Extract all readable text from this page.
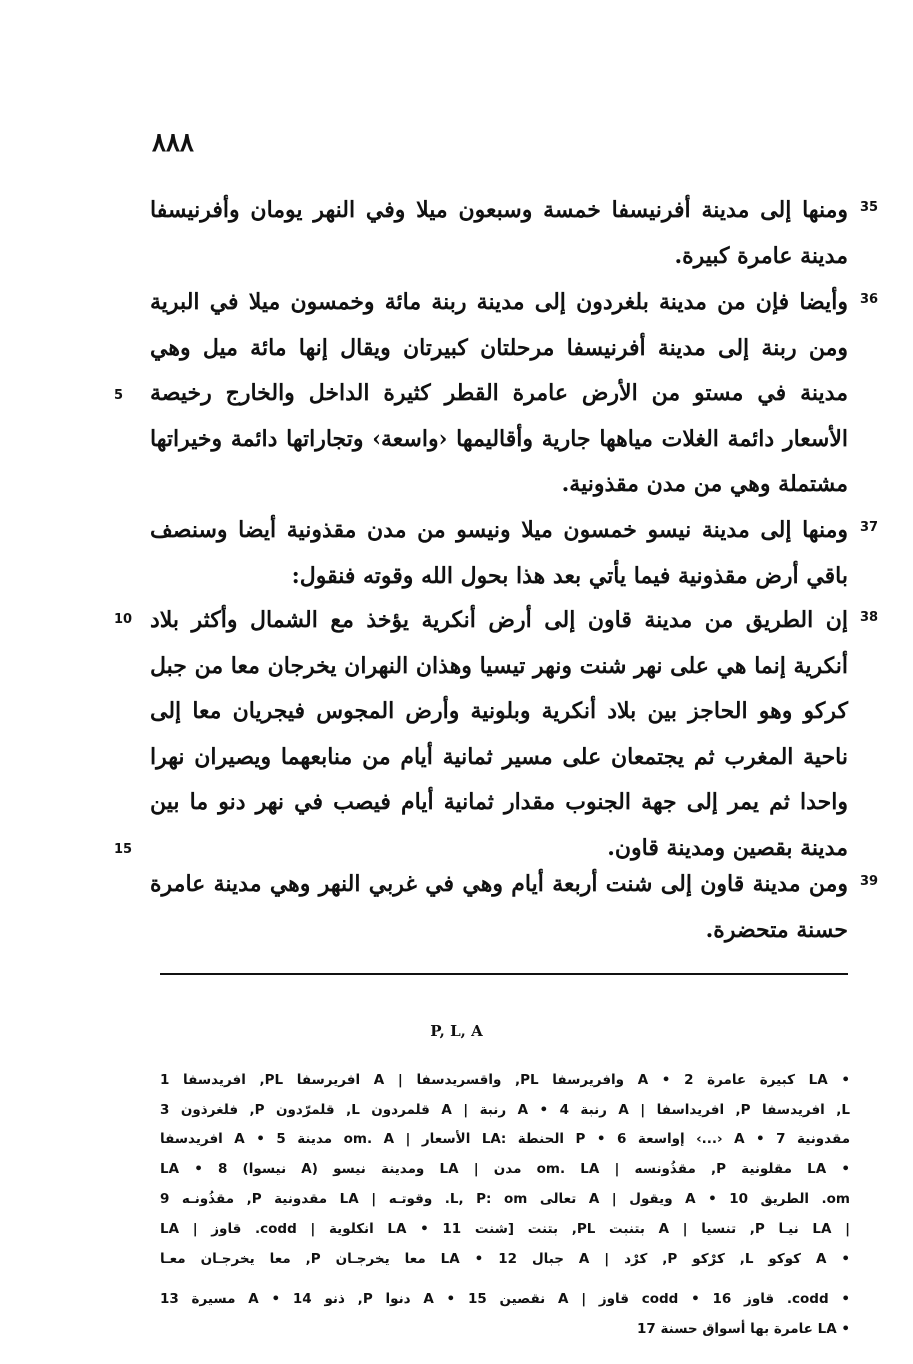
٨٨٨
ومنها إلى مدينة أفرنيسفا خمسة وسبعون ميلا وفي النهر يومان وأفرنيسفا مدينة عامرة كبيرة.
35
وأيضا فإن من مدينة بلغردون إلى مدينة ربنة مائة وخمسون ميلا في البرية ومن ربنة إلى مدينة أفرنيسفا مرحلتان كبيرتان ويقال إنها مائة ميل وهي مدينة في مستو من الأرض عامرة القطر كثيرة الداخل والخارج رخيصة الأسعار دائمة الغلات مياهها جارية وأقاليمها ‹واسعة› وتجاراتها دائمة وخيراتها مشتملة وهي من مدن مقذونية.
36
ومنها إلى مدينة نيسو خمسون ميلا ونيسو من مدن مقذونية أيضا وسنصف باقي أرض مقذونية فيما يأتي بعد هذا بحول الله وقوته فنقول:
37
إن الطريق من مدينة قاون إلى أرض أنكرية يؤخذ مع الشمال وأكثر بلاد أنكرية إنما هي على نهر شنت ونهر تيسيا وهذان النهران يخرجان معا من جبل كركو وهو الحاجز بين بلاد أنكرية وبلونية وأرض المجوس فيجريان معا إلى ناحية المغرب ثم يجتمعان على مسير ثمانية أيام من منابعهما ويصيران نهرا واحدا ثم يمر إلى جهة الجنوب مقدار ثمانية أيام فيصب في نهر دنو ما بين مدينة بقصين ومدينة قاون.
38
ومن مدينة قاون إلى شنت أربعة أيام وهي في غربي النهر وهي مدينة عامرة حسنة متحضرة.
39
5
10
15
P, L, A
• LA كبيرة عامرة 2 • A وافريرسفا PL, واقسريدسفا | A افريرسفا PL, افريدسفا 1
L, افريدسفا P, افريداسفا | A رنبة 4 • A رنبة | A قلمردون L, قلمرّدون P, فلغرذون 3
مقدونية 7 • A ‹...› إواسعة 6 • P الحنطة :LA الأسعار | om. A مدينة 5 • A افريدسفا
• LA مقلونية P, مقذُونسه | om. LA مدن | LA ومدينة نيسو (A نيسوا) 8 • LA
om. الطريق 10 • A ويقول | A تعالى L, P: om. وقوتـه | LA مقدونية P, مقذُونـه 9
| LA نيـا P, تنسيا | A بتنبت PL, بتنت [شنت 11 • LA انكلوية | codd. قاوز | LA
• A كوكو L, كرْكو P, كرْد | A جبال 12 • LA معا يخرجـان P, معا يخرجـان معـا
• codd. قاوز 16 • codd قاوز | A نقصين 15 • A دنوا P, ذنو 14 • A مسيرة 13
• LA عامرة بها أسواق حسنة 17
